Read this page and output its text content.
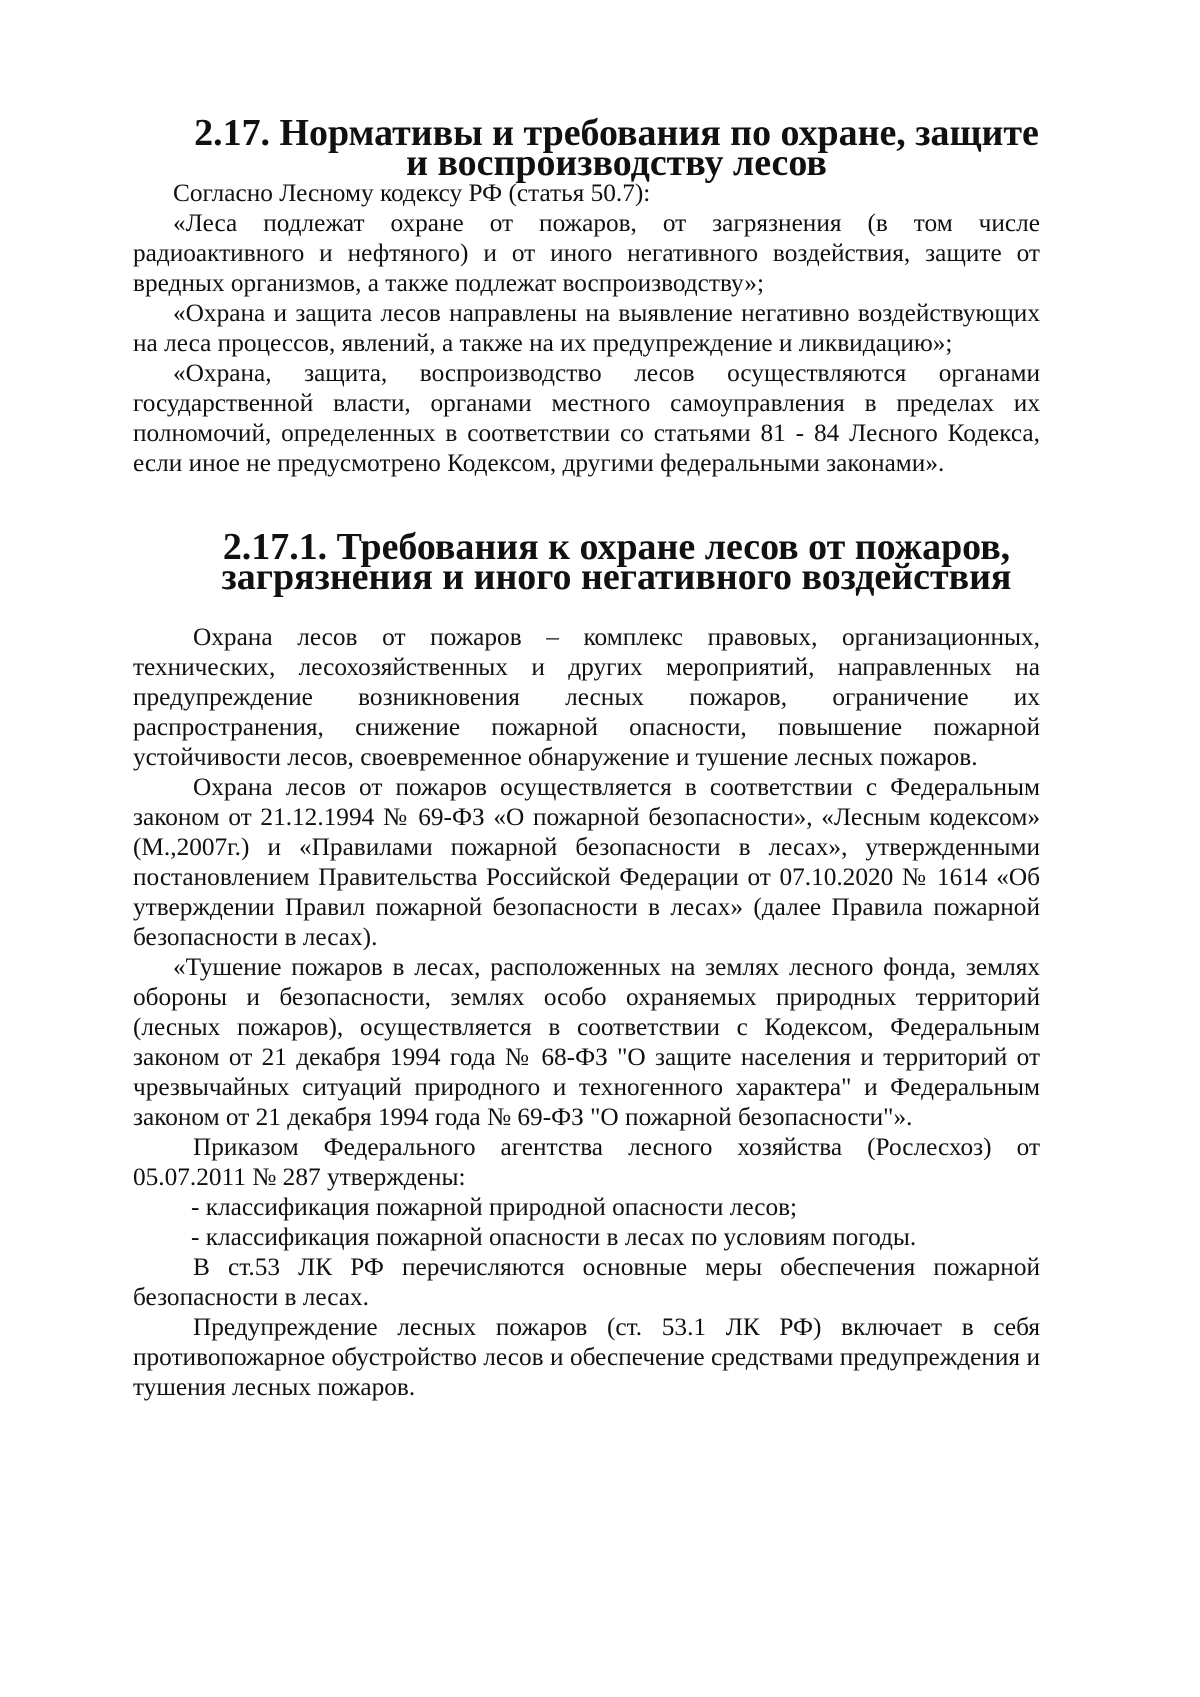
2.17. Нормативы и требования по охране, защите и воспроизводству лесов

Согласно Лесному кодексу РФ (статья 50.7):

«Леса подлежат охране от пожаров, от загрязнения (в том числе радиоактивного и нефтяного) и от иного негативного воздействия, защите от вредных организмов, а также подлежат воспроизводству»;

«Охрана и защита лесов направлены на выявление негативно воздействующих на леса процессов, явлений, а также на их предупреждение и ликвидацию»;

«Охрана, защита, воспроизводство лесов осуществляются органами государственной власти, органами местного самоуправления в пределах их полномочий, определенных в соответствии со статьями 81 - 84 Лесного Кодекса, если иное не предусмотрено Кодексом, другими федеральными законами».

2.17.1. Требования к охране лесов от пожаров, загрязнения и иного негативного воздействия

Охрана лесов от пожаров – комплекс правовых, организационных, технических, лесохозяйственных и других мероприятий, направленных на предупреждение возникновения лесных пожаров, ограничение их распространения, снижение пожарной опасности, повышение пожарной устойчивости лесов, своевременное обнаружение и тушение лесных пожаров.

Охрана лесов от пожаров осуществляется в соответствии с Федеральным законом от 21.12.1994 № 69-ФЗ «О пожарной безопасности», «Лесным кодексом» (М.,2007г.) и «Правилами пожарной безопасности в лесах», утвержденными постановлением Правительства Российской Федерации от 07.10.2020 № 1614 «Об утверждении Правил пожарной безопасности в лесах» (далее Правила пожарной безопасности в лесах).

«Тушение пожаров в лесах, расположенных на землях лесного фонда, землях обороны и безопасности, землях особо охраняемых природных территорий (лесных пожаров), осуществляется в соответствии с Кодексом, Федеральным законом от 21 декабря 1994 года № 68-ФЗ "О защите населения и территорий от чрезвычайных ситуаций природного и техногенного характера" и Федеральным законом от 21 декабря 1994 года № 69-ФЗ "О пожарной безопасности"».

Приказом Федерального агентства лесного хозяйства (Рослесхоз) от 05.07.2011 № 287 утверждены:

- классификация пожарной природной опасности лесов;

- классификация пожарной опасности в лесах по условиям погоды.

В ст.53 ЛК РФ перечисляются основные меры обеспечения пожарной безопасности в лесах.

Предупреждение лесных пожаров (ст. 53.1 ЛК РФ) включает в себя противопожарное обустройство лесов и обеспечение средствами предупреждения и тушения лесных пожаров.
